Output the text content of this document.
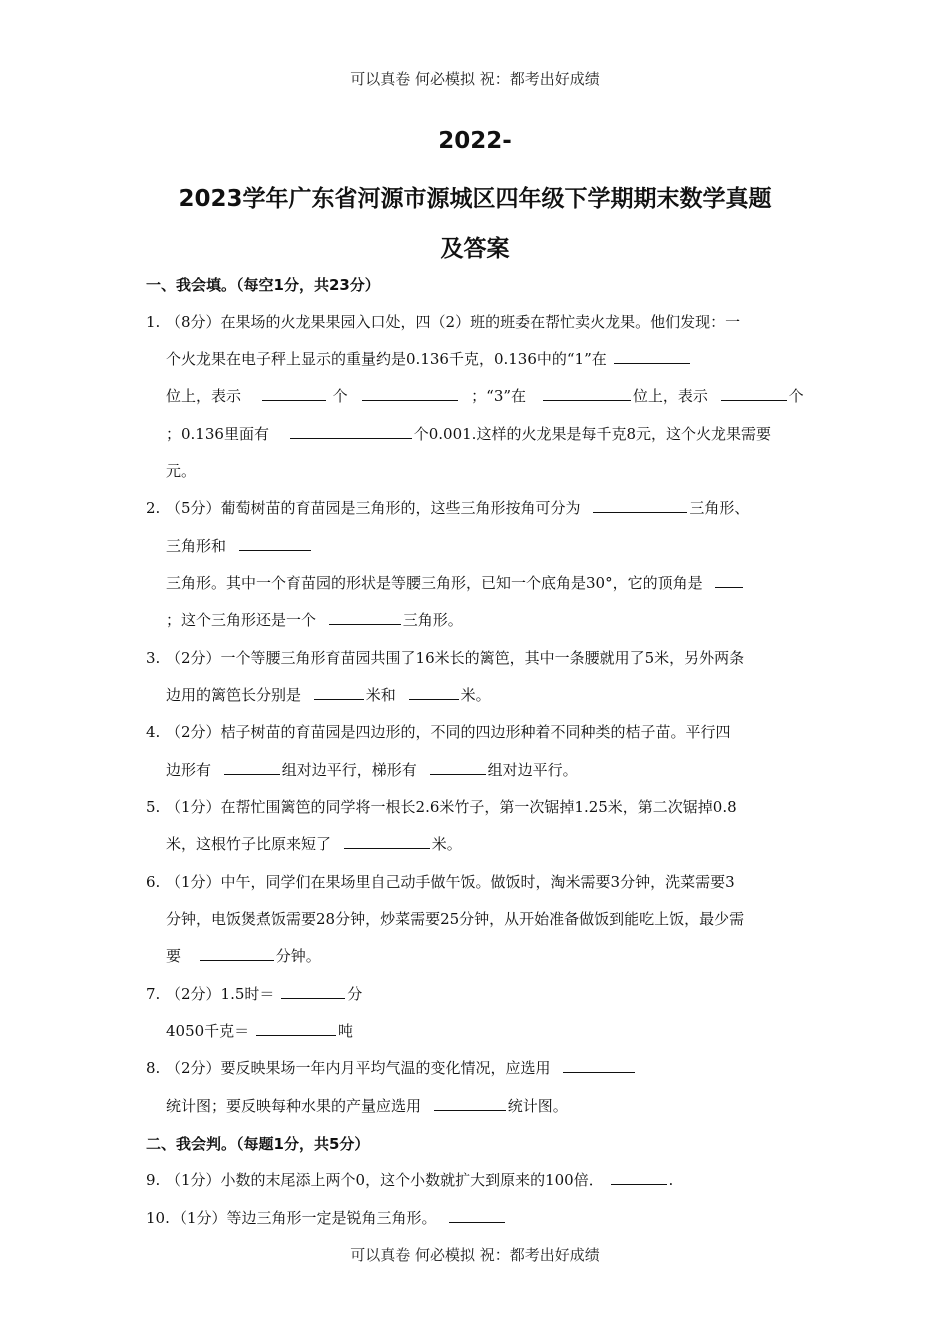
可以真卷 何必模拟 祝：都考出好成绩
2022-
2023学年广东省河源市源城区四年级下学期期末数学真题
及答案
一、我会填。（每空1分，共23分）
1. （8分）在果场的火龙果果园入口处，四（2）班的班委在帮忙卖火龙果。他们发现：一
个火龙果在电子秤上显示的重量约是0.136千克，0.136中的“1”在
位上，表示	个	；“3”在	位上，表示	个
；0.136里面有	个0.001.这样的火龙果是每千克8元，这个火龙果需要
元。
2. （5分）葡萄树苗的育苗园是三角形的，这些三角形按角可分为	三角形、
三角形和
三角形。其中一个育苗园的形状是等腰三角形，已知一个底角是30°，它的顶角是
；这个三角形还是一个	三角形。
3. （2分）一个等腰三角形育苗园共围了16米长的篱笆，其中一条腰就用了5米，另外两条
边用的篱笆长分别是	米和	米。
4. （2分）桔子树苗的育苗园是四边形的，不同的四边形种着不同种类的桔子苗。平行四
边形有	组对边平行，梯形有	组对边平行。
5. （1分）在帮忙围篱笆的同学将一根长2.6米竹子，第一次锯掉1.25米，第二次锯掉0.8
米，这根竹子比原来短了	米。
6. （1分）中午，同学们在果场里自己动手做午饭。做饭时，淘米需要3分钟，洗菜需要3
分钟，电饭煲煮饭需要28分钟，炒菜需要25分钟，从开始准备做饭到能吃上饭，最少需
要	分钟。
7. （2分）1.5时＝	分
4050千克＝	吨
8. （2分）要反映果场一年内月平均气温的变化情况，应选用
统计图；要反映每种水果的产量应选用	统计图。
二、我会判。（每题1分，共5分）
9. （1分）小数的末尾添上两个0，这个小数就扩大到原来的100倍．	.
10. （1分）等边三角形一定是锐角三角形。
可以真卷 何必模拟 祝：都考出好成绩
